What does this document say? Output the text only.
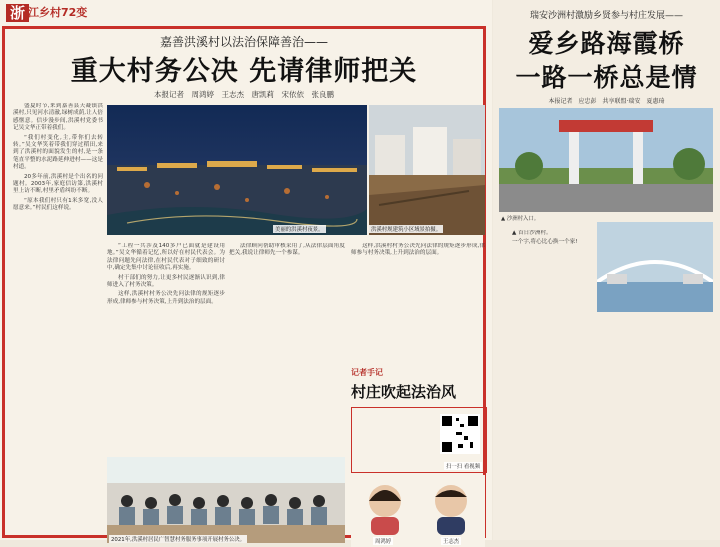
浙 江乡村72变
嘉善洪溪村以法治保障善治——
重大村务公决 先请律师把关
本报记者　周鸿婷　王志杰　唐凯莉　宋依依　张良鹏

盛夏时节,来到嘉善县天凝镇洪溪村,只见河水清澈,绿树成荫,让人倍感惬意。信步漫步间,洪溪村党委书记吴文华正带着我们。

“我们村变化,主,带你们去转转。”吴文华笑着带我们穿过稻田,来到了洪溪村的面貌发生的村,是一条笔直平整的水泥路延伸进村——这是村道。

20多年前,洪溪村是个出名的问题村。2003年,家庭信访第,洪溪村里上访不断,村里矛盾纠纷不断。

“原本我们村只有1米多宽,没人愿意来。”村民们这样说。

美丽的洪溪村夜景。	洪溪村规建筑小区域景拍摄。

“工程一共涉及140多户已面就是建设用地。”吴文华循着记忆,所以好在村民代表会。为法律问题先问法律,在村民代表对子细致的研讨中,确定先集中讨论征收后,再实施。

村干部们的努力,让更多村民逐渐认识到,律师进入了村务决策。

这样,洪溪村村务公决先问法律的规矩逐步形成,律师参与村务决策,上升到法治的层面。

法律顾问帮助审核采用了,从法律层面角度把关,我说让律师先一个参谋。

这样,洪溪村村务公决先问法律的规矩逐步形成,律师参与村务决策,上升到法治的层面。

记者手记
村庄吹起法治风
扫一扫 看视频
周鸿婷	王志杰
2021年,洪溪村居民广智慧村务服务事项开展村务公决。
瑞安沙洲村激励乡贤参与村庄发展——
爱乡路海霞桥
一路一桥总是情
本报记者　应忠彭　共享联盟·瑞安　夏惠琦
▲ 沙洲村入口。

▲ 首日沙洲村。

一个字,将心比心换一个家!
